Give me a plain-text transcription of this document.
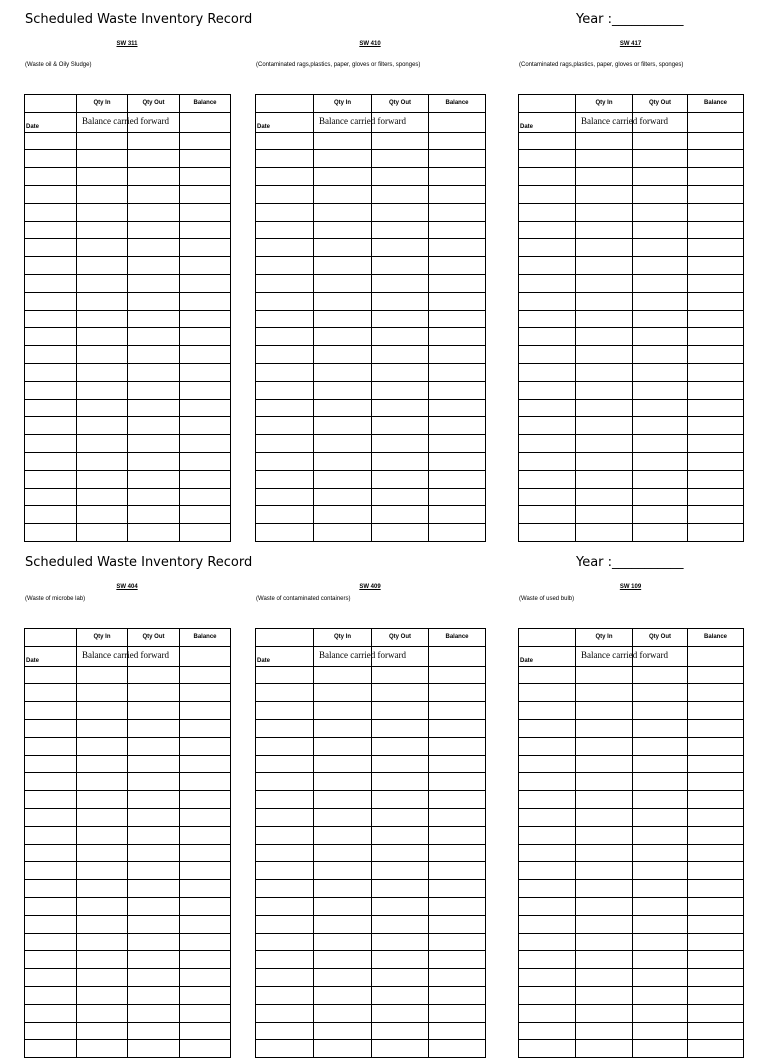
Scheduled Waste Inventory Record	Year :___________
SW 311
(Waste oil & Oily Sludge)
	Qty In	Qty Out	Balance
Date	Balance carried forward		

SW 410
(Contaminated rags,plastics, paper, gloves or filters, sponges)
	Qty In	Qty Out	Balance
Date	Balance carried forward		

SW 417
(Contaminated rags,plastics, paper, gloves or filters, sponges)
	Qty In	Qty Out	Balance
Date	Balance carried forward		

Scheduled Waste Inventory Record	Year :___________
SW 404
(Waste of microbe lab)
	Qty In	Qty Out	Balance
Date	Balance carried forward		

SW 409
(Waste of contaminated containers)
	Qty In	Qty Out	Balance
Date	Balance carried forward		

SW 109
(Waste of used bulb)
	Qty In	Qty Out	Balance
Date	Balance carried forward		
